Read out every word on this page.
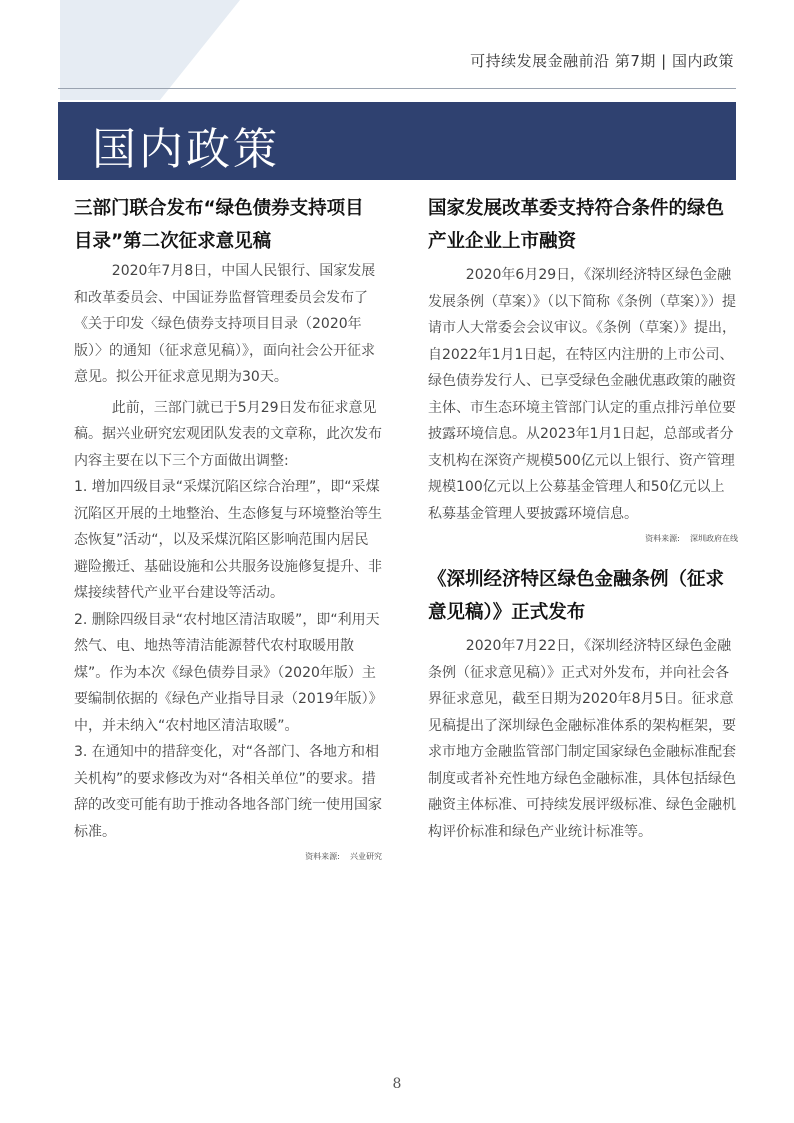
可持续发展金融前沿 第7期 | 国内政策
国内政策
三部门联合发布“绿色债券支持项目目录”第二次征求意见稿

2020年7月8日，中国人民银行、国家发展和改革委员会、中国证券监督管理委员会发布了《关于印发〈绿色债券支持项目目录（2020年版）〉的通知（征求意见稿）》，面向社会公开征求意见。拟公开征求意见期为30天。

此前，三部门就已于5月29日发布征求意见稿。据兴业研究宏观团队发表的文章称，此次发布内容主要在以下三个方面做出调整:

1. 增加四级目录“采煤沉陷区综合治理”，即“采煤沉陷区开展的土地整治、生态修复与环境整治等生态恢复”活动“，以及采煤沉陷区影响范围内居民避险搬迁、基础设施和公共服务设施修复提升、非煤接续替代产业平台建设等活动。

2. 删除四级目录“农村地区清洁取暖”，即“利用天然气、电、地热等清洁能源替代农村取暖用散煤”。作为本次《绿色债券目录》（2020年版）主要编制依据的《绿色产业指导目录（2019年版）》中，并未纳入“农村地区清洁取暖”。

3. 在通知中的措辞变化，对“各部门、各地方和相关机构”的要求修改为对“各相关单位”的要求。措辞的改变可能有助于推动各地各部门统一使用国家标准。

资料来源:    兴业研究
国家发展改革委支持符合条件的绿色产业企业上市融资

2020年6月29日，《深圳经济特区绿色金融发展条例（草案）》（以下简称《条例（草案）》）提请市人大常委会会议审议。《条例（草案）》提出，自2022年1月1日起，在特区内注册的上市公司、绿色债券发行人、已享受绿色金融优惠政策的融资主体、市生态环境主管部门认定的重点排污单位要披露环境信息。从2023年1月1日起，总部或者分支机构在深资产规模500亿元以上银行、资产管理规模100亿元以上公募基金管理人和50亿元以上私募基金管理人要披露环境信息。

资料来源:    深圳政府在线
《深圳经济特区绿色金融条例（征求意见稿）》正式发布

2020年7月22日，《深圳经济特区绿色金融条例（征求意见稿）》正式对外发布，并向社会各界征求意见，截至日期为2020年8月5日。征求意见稿提出了深圳绿色金融标准体系的架构框架，要求市地方金融监管部门制定国家绿色金融标准配套制度或者补充性地方绿色金融标准，具体包括绿色融资主体标准、可持续发展评级标准、绿色金融机构评价标准和绿色产业统计标准等。

8
